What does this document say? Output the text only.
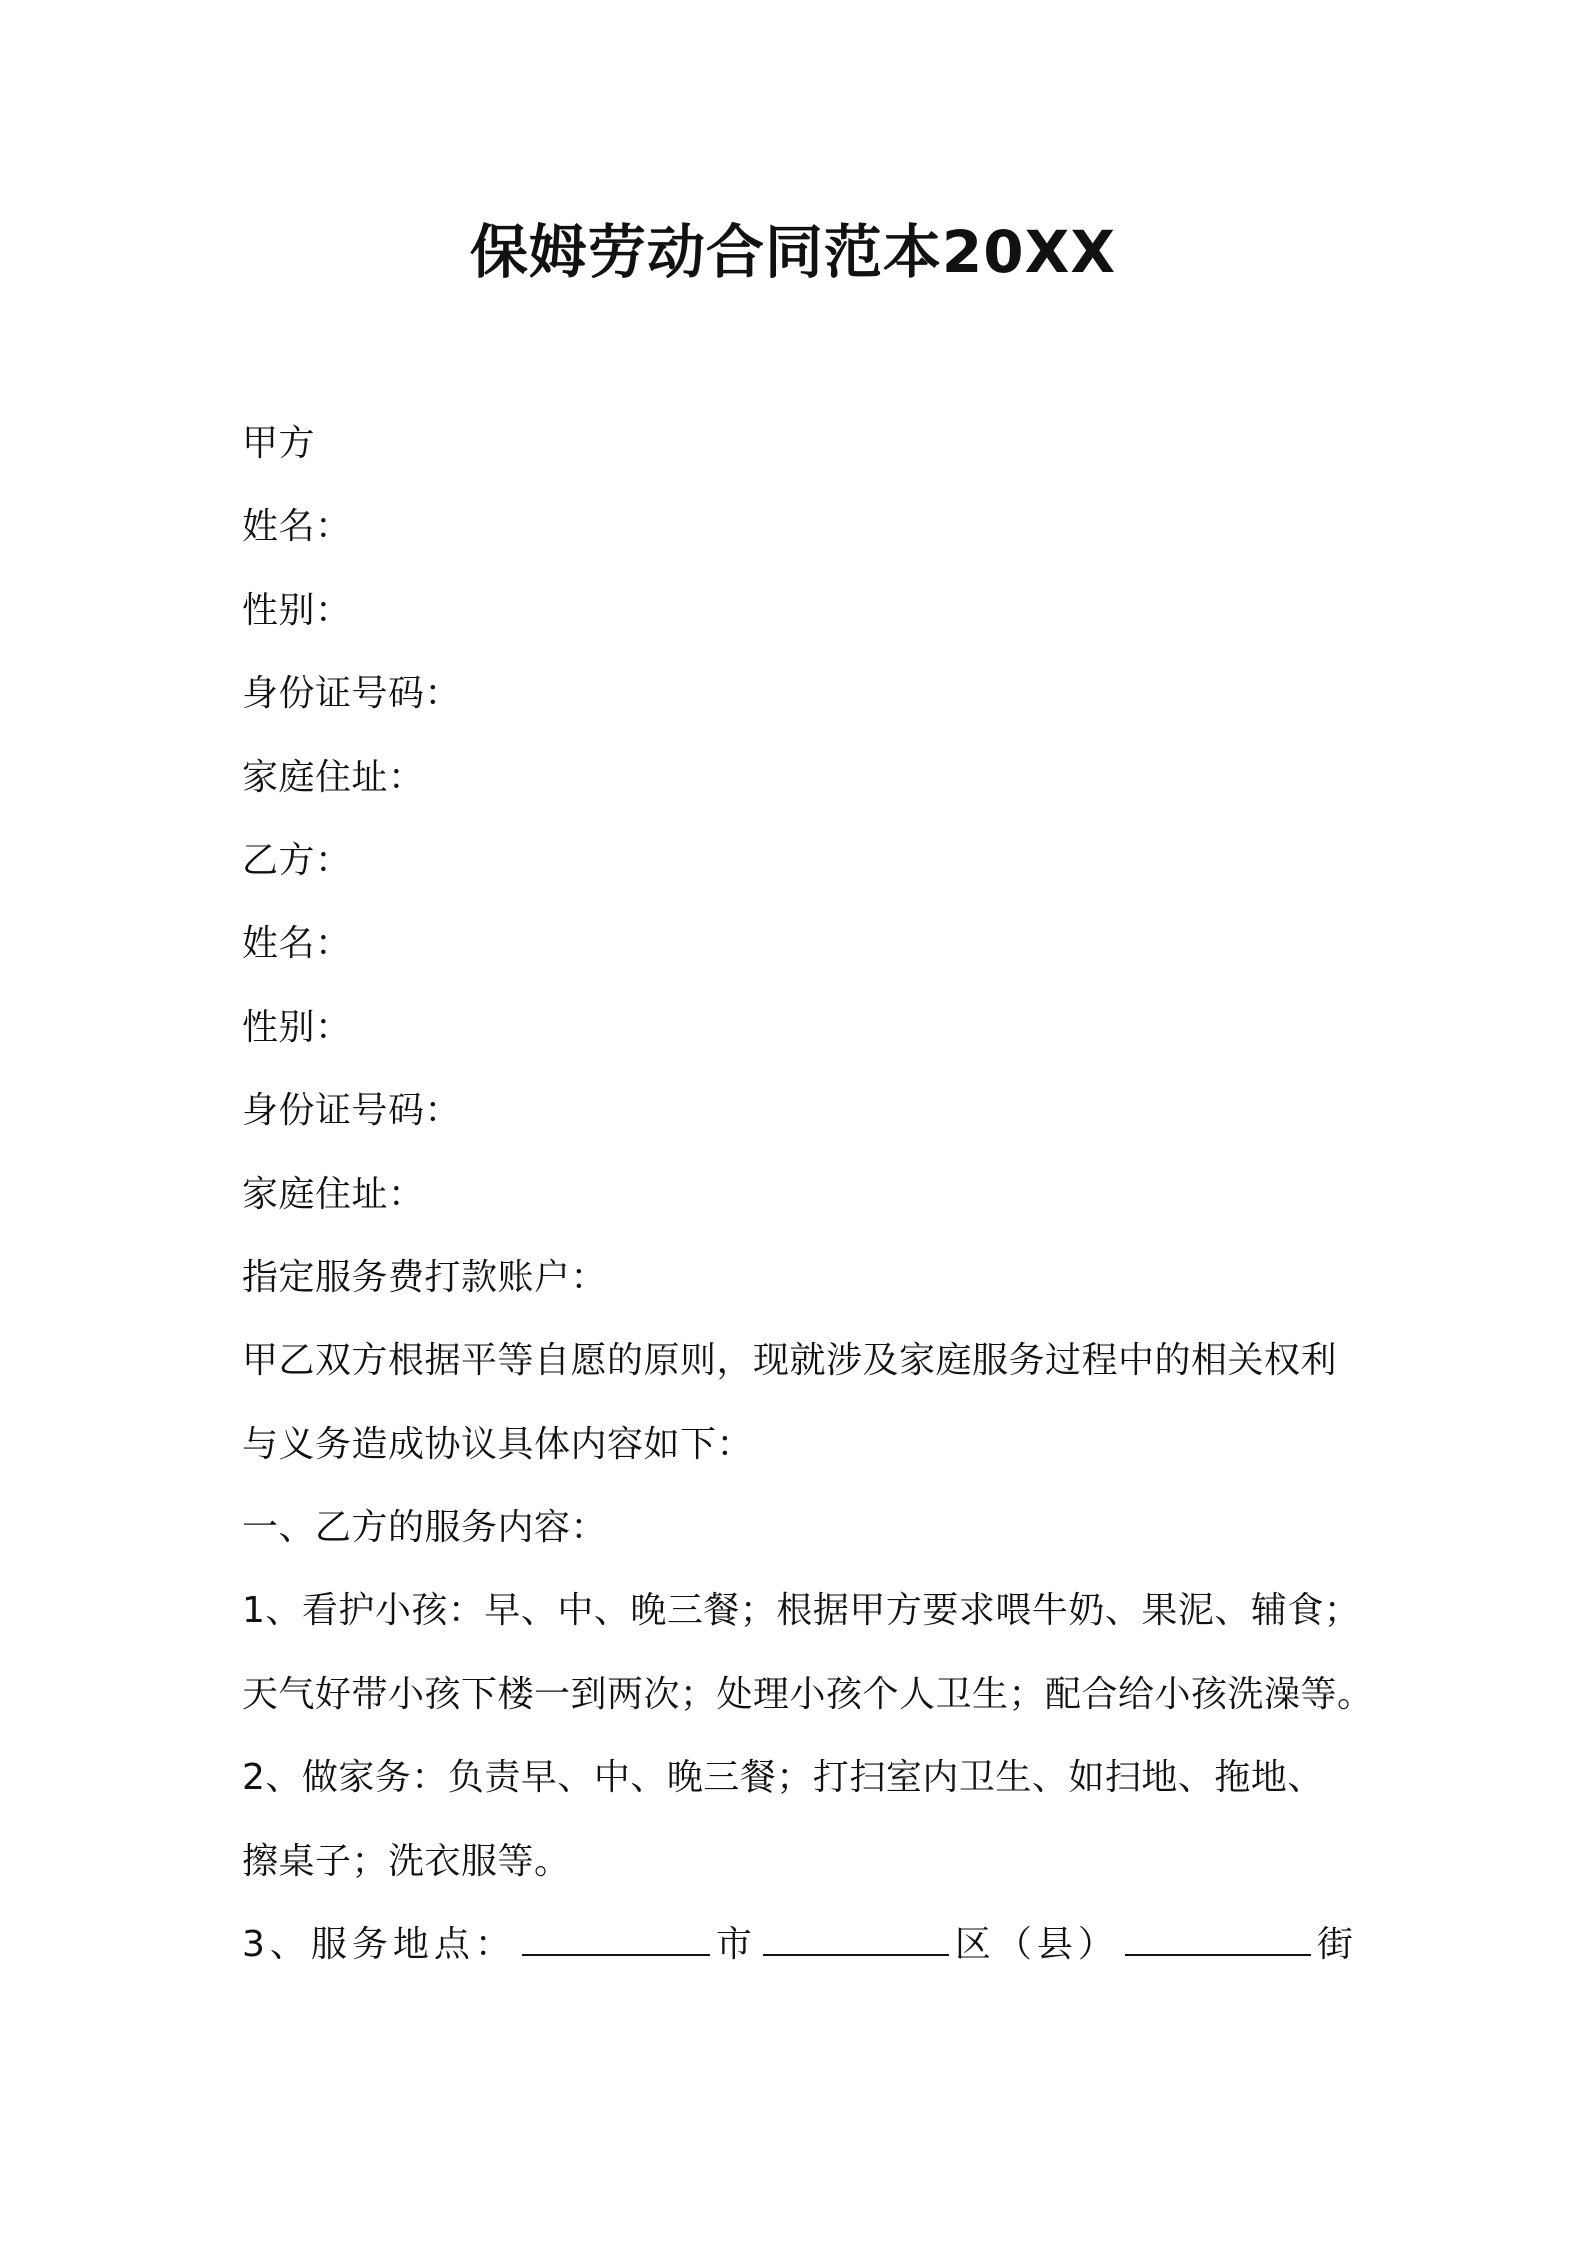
保姆劳动合同范本20XX
甲方
姓名：
性别：
身份证号码：
家庭住址：
乙方：
姓名：
性别：
身份证号码：
家庭住址：
指定服务费打款账户：
甲乙双方根据平等自愿的原则，现就涉及家庭服务过程中的相关权利
与义务造成协议具体内容如下：
一、乙方的服务内容：
1、看护小孩：早、中、晚三餐；根据甲方要求喂牛奶、果泥、辅食；
天气好带小孩下楼一到两次；处理小孩个人卫生；配合给小孩洗澡等。
2、做家务：负责早、中、晚三餐；打扫室内卫生、如扫地、拖地、
擦桌子；洗衣服等。
3、服务地点：	市	区（县）	街
